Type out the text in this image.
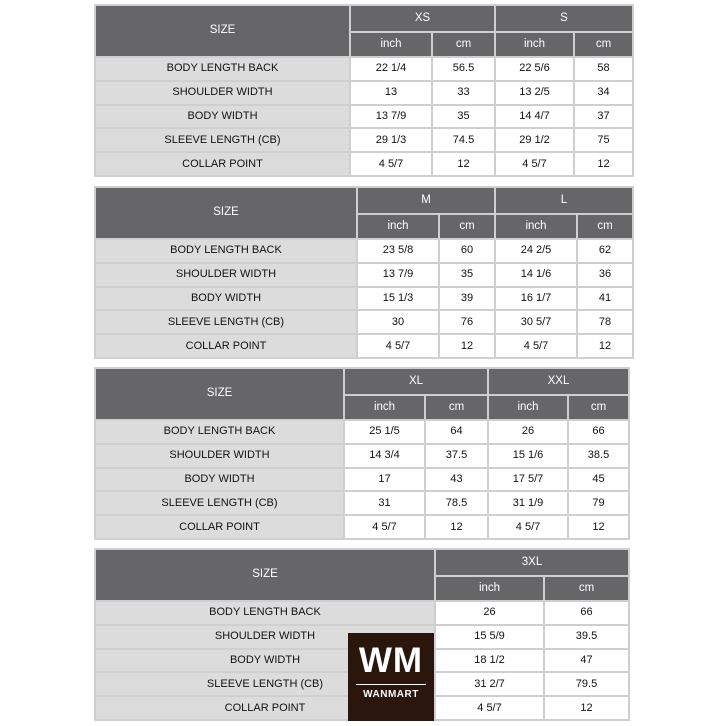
SIZE	XS		S	
	inch	cm	inch	cm
BODY LENGTH BACK	22 1/4	56.5	22 5/6	58
SHOULDER WIDTH	13	33	13 2/5	34
BODY WIDTH	13 7/9	35	14 4/7	37
SLEEVE LENGTH (CB)	29 1/3	74.5	29 1/2	75
COLLAR POINT	4 5/7	12	4 5/7	12
SIZE	M		L	
	inch	cm	inch	cm
BODY LENGTH BACK	23 5/8	60	24 2/5	62
SHOULDER WIDTH	13 7/9	35	14 1/6	36
BODY WIDTH	15 1/3	39	16 1/7	41
SLEEVE LENGTH (CB)	30	76	30 5/7	78
COLLAR POINT	4 5/7	12	4 5/7	12
SIZE	XL		XXL	
	inch	cm	inch	cm
BODY LENGTH BACK	25 1/5	64	26	66
SHOULDER WIDTH	14 3/4	37.5	15 1/6	38.5
BODY WIDTH	17	43	17 5/7	45
SLEEVE LENGTH (CB)	31	78.5	31 1/9	79
COLLAR POINT	4 5/7	12	4 5/7	12
SIZE	3XL	
	inch	cm
BODY LENGTH BACK	26	66
SHOULDER WIDTH	15 5/9	39.5
BODY WIDTH	18 1/2	47
SLEEVE LENGTH (CB)	31 2/7	79.5
COLLAR POINT	4 5/7	12
WM
WANMART
